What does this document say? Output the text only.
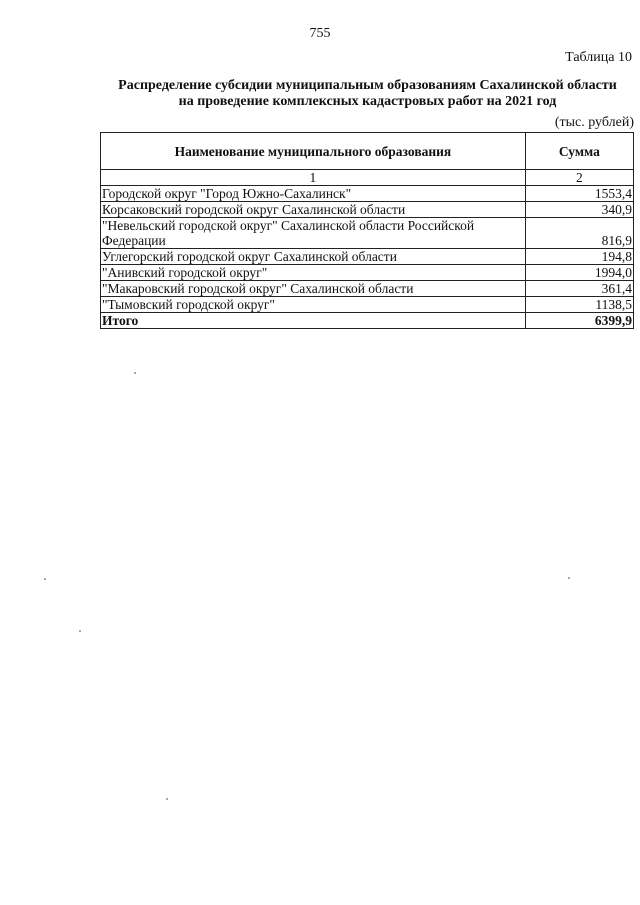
755
Таблица 10
Распределение субсидии муниципальным образованиям Сахалинской области
на проведение комплексных кадастровых работ на 2021 год
(тыс. рублей)
Наименование муниципального образования	Сумма
1	2
Городской округ "Город Южно-Сахалинск"	1553,4
Корсаковский городской округ Сахалинской области	340,9
"Невельский городской округ" Сахалинской области Российской Федерации	816,9
Углегорский городской округ Сахалинской области	194,8
"Анивский городской округ"	1994,0
"Макаровский городской округ" Сахалинской области	361,4
"Тымовский городской округ"	1138,5
Итого	6399,9
